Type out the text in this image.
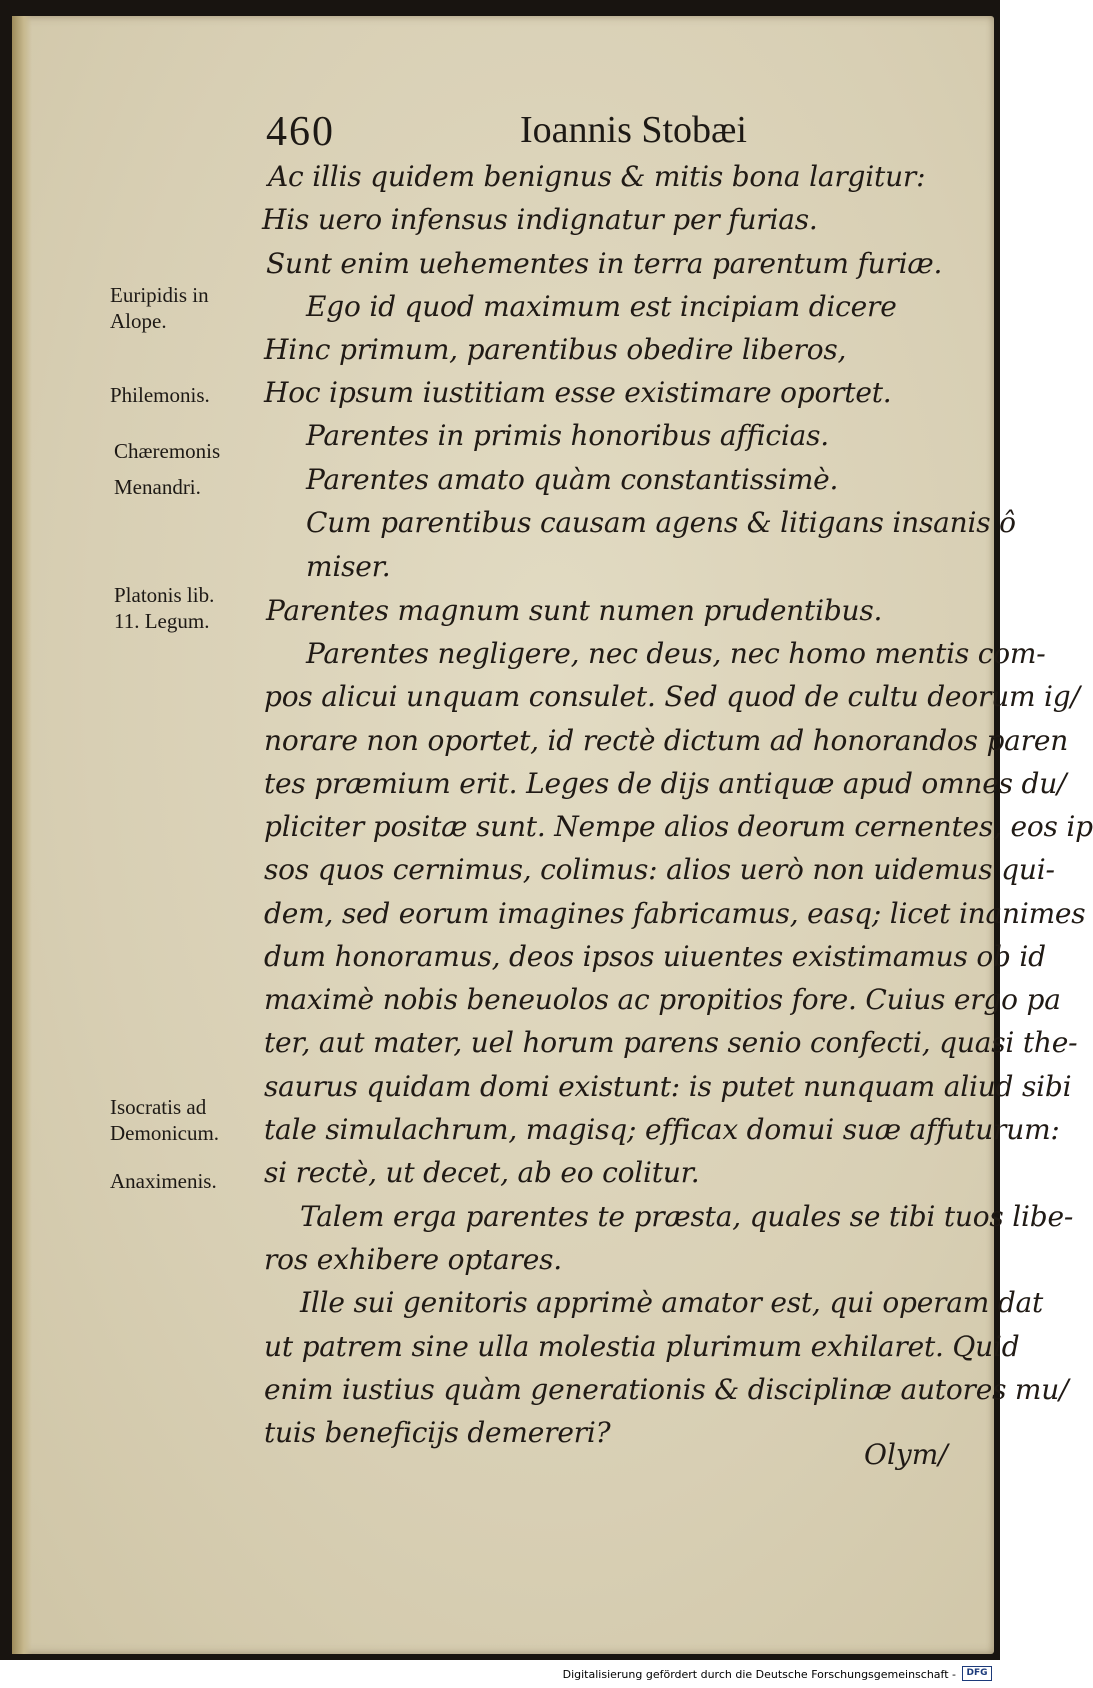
460	Ioannis Stobæi
Euripidis in
Alope.
Philemonis.
Chæremonis
Menandri.
Platonis lib.
11. Legum.
Isocratis ad
Demonicum.
Anaximenis.
Ac illis quidem benignus & mitis bona largitur:
His uero infensus indignatur per furias.
Sunt enim uehementes in terra parentum furiæ.
Ego id quod maximum est incipiam dicere
Hinc primum, parentibus obedire liberos,
Hoc ipsum iustitiam esse existimare oportet.
Parentes in primis honoribus afficias.
Parentes amato quàm constantissimè.
Cum parentibus causam agens & litigans insanis ô
miser.
Parentes magnum sunt numen prudentibus.
Parentes negligere, nec deus, nec homo mentis com-
pos alicui unquam consulet. Sed quod de cultu deorum ig/
norare non oportet, id rectè dictum ad honorandos paren
tes præmium erit. Leges de dijs antiquæ apud omnes du/
pliciter positæ sunt. Nempe alios deorum cernentes, eos ip
sos quos cernimus, colimus: alios uerò non uidemus qui-
dem, sed eorum imagines fabricamus, easq; licet inanimes
dum honoramus, deos ipsos uiuentes existimamus ob id
maximè nobis beneuolos ac propitios fore. Cuius ergo pa
ter, aut mater, uel horum parens senio confecti, quasi the-
saurus quidam domi existunt: is putet nunquam aliud sibi
tale simulachrum, magisq; efficax domui suæ affuturum:
si rectè, ut decet, ab eo colitur.
Talem erga parentes te præsta, quales se tibi tuos libe-
ros exhibere optares.
Ille sui genitoris apprimè amator est, qui operam dat
ut patrem sine ulla molestia plurimum exhilaret. Quid
enim iustius quàm generationis & disciplinæ autores mu/
tuis beneficijs demereri?
Olym/
Digitalisierung gefördert durch die Deutsche Forschungsgemeinschaft -	DFG
